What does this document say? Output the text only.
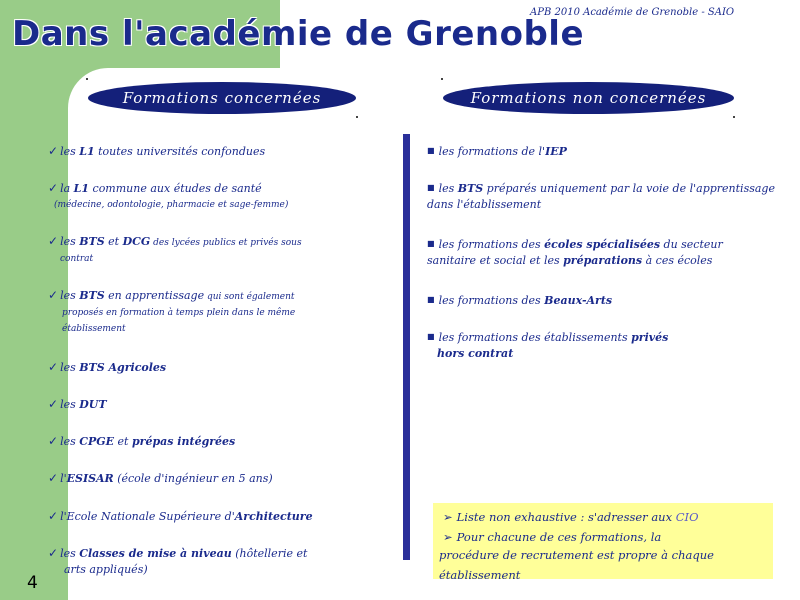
Dans l'académie de Grenoble
APB 2010 Académie de Grenoble - SAIO
Formations concernées	Formations non concernées
✓ les L1 toutes universités confondues
✓ la L1 commune aux études de santé
(médecine, odontologie, pharmacie et sage-femme)
✓ les BTS et DCG des lycées publics et privés sous
contrat
✓ les BTS en apprentissage qui sont également
proposés en formation à temps plein dans le même
établissement
✓ les BTS Agricoles
✓ les DUT
✓ les CPGE et prépas intégrées
✓ l'ESISAR (école d'ingénieur en 5 ans)
✓ l'Ecole Nationale Supérieure d'Architecture
✓ les Classes de mise à niveau (hôtellerie et
arts appliqués)
■ les formations de l'IEP
■ les BTS préparés uniquement par la voie de l'apprentissage
dans l'établissement
■ les formations des écoles spécialisées du secteur
sanitaire et social et les préparations à ces écoles
■ les formations des Beaux-Arts
■ les formations des établissements privés
hors contrat
➢ Liste non exhaustive : s'adresser aux CIO
➢ Pour chacune de ces formations, la
procédure de recrutement est propre à chaque établissement
4
